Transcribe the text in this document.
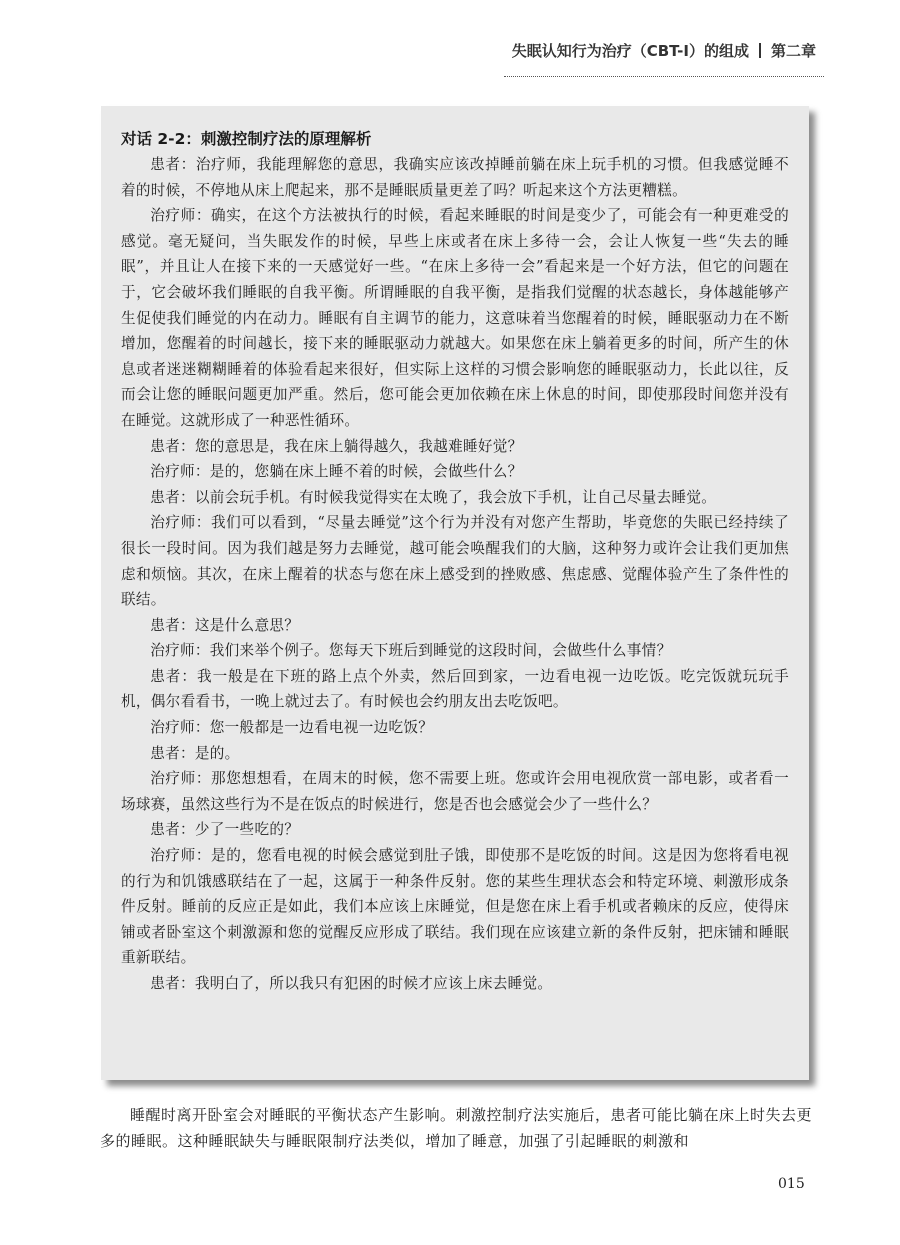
失眠认知行为治疗（CBT-I）的组成 第二章
对话 2-2：刺激控制疗法的原理解析

患者：治疗师，我能理解您的意思，我确实应该改掉睡前躺在床上玩手机的习惯。但我感觉睡不着的时候，不停地从床上爬起来，那不是睡眠质量更差了吗？听起来这个方法更糟糕。

治疗师：确实，在这个方法被执行的时候，看起来睡眠的时间是变少了，可能会有一种更难受的感觉。毫无疑问，当失眠发作的时候，早些上床或者在床上多待一会，会让人恢复一些“失去的睡眠”，并且让人在接下来的一天感觉好一些。“在床上多待一会”看起来是一个好方法，但它的问题在于，它会破坏我们睡眠的自我平衡。所谓睡眠的自我平衡，是指我们觉醒的状态越长，身体越能够产生促使我们睡觉的内在动力。睡眠有自主调节的能力，这意味着当您醒着的时候，睡眠驱动力在不断增加，您醒着的时间越长，接下来的睡眠驱动力就越大。如果您在床上躺着更多的时间，所产生的休息或者迷迷糊糊睡着的体验看起来很好，但实际上这样的习惯会影响您的睡眠驱动力，长此以往，反而会让您的睡眠问题更加严重。然后，您可能会更加依赖在床上休息的时间，即使那段时间您并没有在睡觉。这就形成了一种恶性循环。

患者：您的意思是，我在床上躺得越久，我越难睡好觉？

治疗师：是的，您躺在床上睡不着的时候，会做些什么？

患者：以前会玩手机。有时候我觉得实在太晚了，我会放下手机，让自己尽量去睡觉。

治疗师：我们可以看到，“尽量去睡觉”这个行为并没有对您产生帮助，毕竟您的失眠已经持续了很长一段时间。因为我们越是努力去睡觉，越可能会唤醒我们的大脑，这种努力或许会让我们更加焦虑和烦恼。其次，在床上醒着的状态与您在床上感受到的挫败感、焦虑感、觉醒体验产生了条件性的联结。

患者：这是什么意思？

治疗师：我们来举个例子。您每天下班后到睡觉的这段时间，会做些什么事情？

患者：我一般是在下班的路上点个外卖，然后回到家，一边看电视一边吃饭。吃完饭就玩玩手机，偶尔看看书，一晚上就过去了。有时候也会约朋友出去吃饭吧。

治疗师：您一般都是一边看电视一边吃饭？

患者：是的。

治疗师：那您想想看，在周末的时候，您不需要上班。您或许会用电视欣赏一部电影，或者看一场球赛，虽然这些行为不是在饭点的时候进行，您是否也会感觉会少了一些什么？

患者：少了一些吃的？

治疗师：是的，您看电视的时候会感觉到肚子饿，即使那不是吃饭的时间。这是因为您将看电视的行为和饥饿感联结在了一起，这属于一种条件反射。您的某些生理状态会和特定环境、刺激形成条件反射。睡前的反应正是如此，我们本应该上床睡觉，但是您在床上看手机或者赖床的反应，使得床铺或者卧室这个刺激源和您的觉醒反应形成了联结。我们现在应该建立新的条件反射，把床铺和睡眠重新联结。

患者：我明白了，所以我只有犯困的时候才应该上床去睡觉。

睡醒时离开卧室会对睡眠的平衡状态产生影响。刺激控制疗法实施后，患者可能比躺在床上时失去更多的睡眠。这种睡眠缺失与睡眠限制疗法类似，增加了睡意，加强了引起睡眠的刺激和

015
